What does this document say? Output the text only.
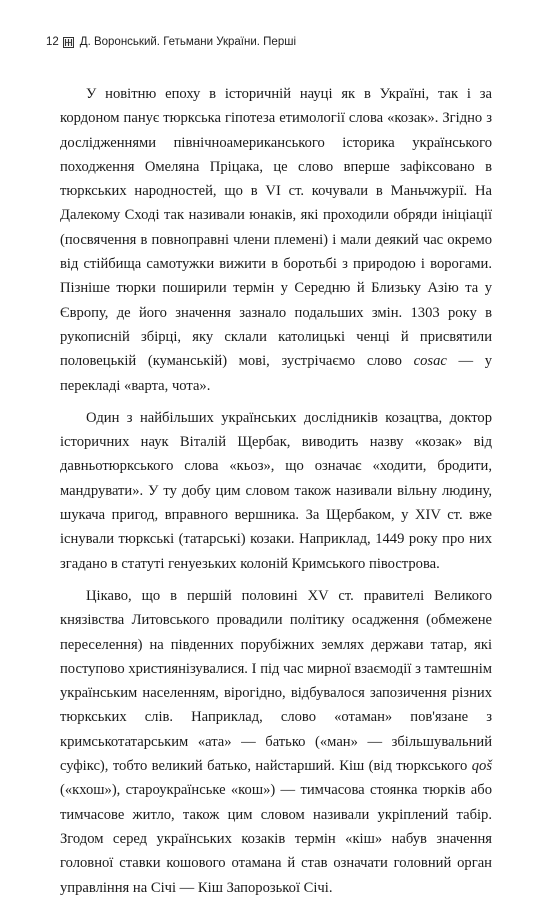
12 Д. Воронський. Гетьмани України. Перші

У новітню епоху в історичній науці як в Україні, так і за кордоном панує тюркська гіпотеза етимології слова «козак». Згідно з дослідженнями північноамериканського історика українського походження Омеляна Пріцака, це слово вперше зафіксовано в тюркських народностей, що в VI ст. кочували в Маньчжурії. На Далекому Сході так називали юнаків, які проходили обряди ініціації (посвячення в повноправні члени племені) і мали деякий час окремо від стійбища самотужки вижити в боротьбі з природою і ворогами. Пізніше тюрки поширили термін у Середню й Близьку Азію та у Європу, де його значення зазнало подальших змін. 1303 року в рукописній збірці, яку склали католицькі ченці й присвятили половецькій (куманській) мові, зустрічаємо слово cosac — у перекладі «варта, чота».

Один з найбільших українських дослідників козацтва, доктор історичних наук Віталій Щербак, виводить назву «козак» від давньотюркського слова «кьоз», що означає «ходити, бродити, мандрувати». У ту добу цим словом також називали вільну людину, шукача пригод, вправного вершника. За Щербаком, у XIV ст. вже існували тюркські (татарські) козаки. Наприклад, 1449 року про них згадано в статуті генуезьких колоній Кримського півострова.

Цікаво, що в першій половині XV ст. правителі Великого князівства Литовського провадили політику осадження (обмежене переселення) на південних порубіжних землях держави татар, які поступово християнізувалися. І під час мирної взаємодії з тамтешнім українським населенням, вірогідно, відбувалося запозичення різних тюркських слів. Наприклад, слово «отаман» пов'язане з кримськотатарським «ата» — батько («ман» — збільшувальний суфікс), тобто великий батько, найстарший. Кіш (від тюркського qoš («кхош»), староукраїнське «кош») — тимчасова стоянка тюрків або тимчасове житло, також цим словом називали укріплений табір. Згодом серед українських козаків термін «кіш» набув значення головної ставки кошового отамана й став означати головний орган управління на Січі — Кіш Запорозької Січі.
